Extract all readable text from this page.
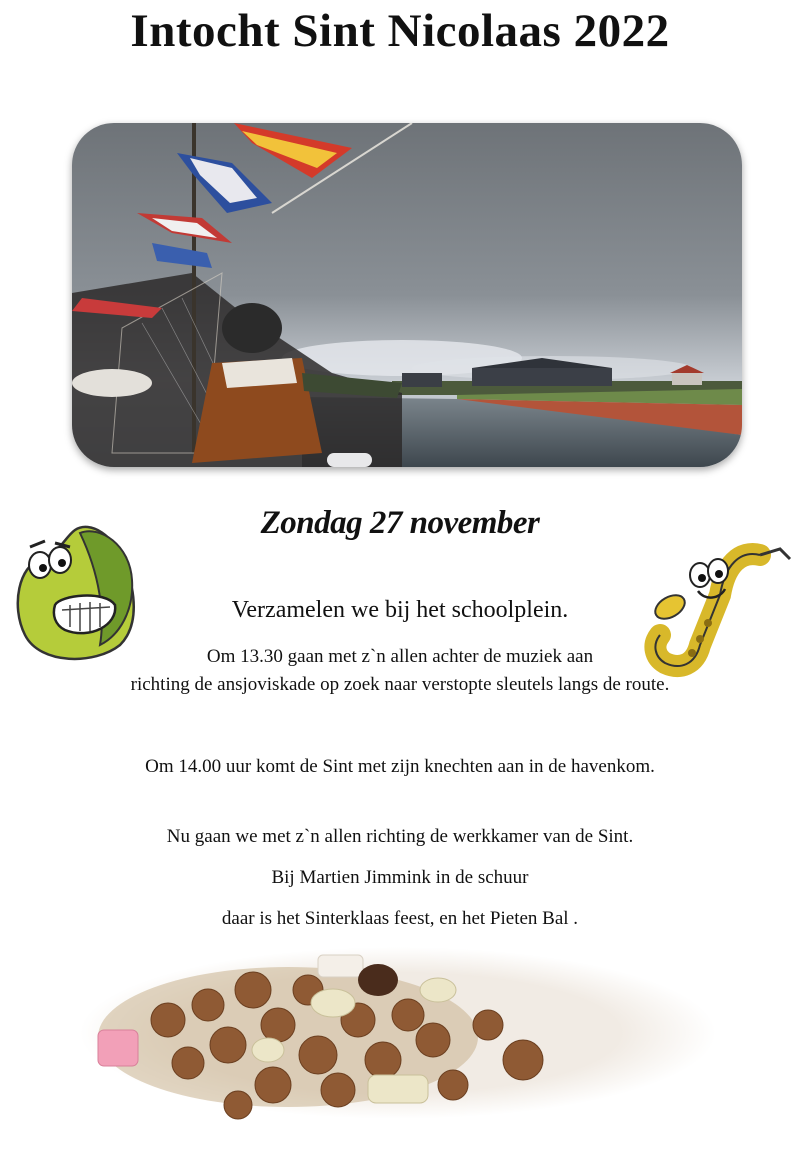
Intocht Sint Nicolaas 2022
Zondag 27 november
Verzamelen we bij het schoolplein.
Om 13.30 gaan met z`n allen achter de muziek aan
richting de ansjoviskade op zoek naar verstopte sleutels langs de route.
Om 14.00 uur komt de Sint met zijn knechten aan in de havenkom.
Nu gaan we met z`n allen richting de werkkamer van de Sint.
Bij Martien Jimmink in de schuur
daar is het Sinterklaas feest, en het Pieten Bal .
